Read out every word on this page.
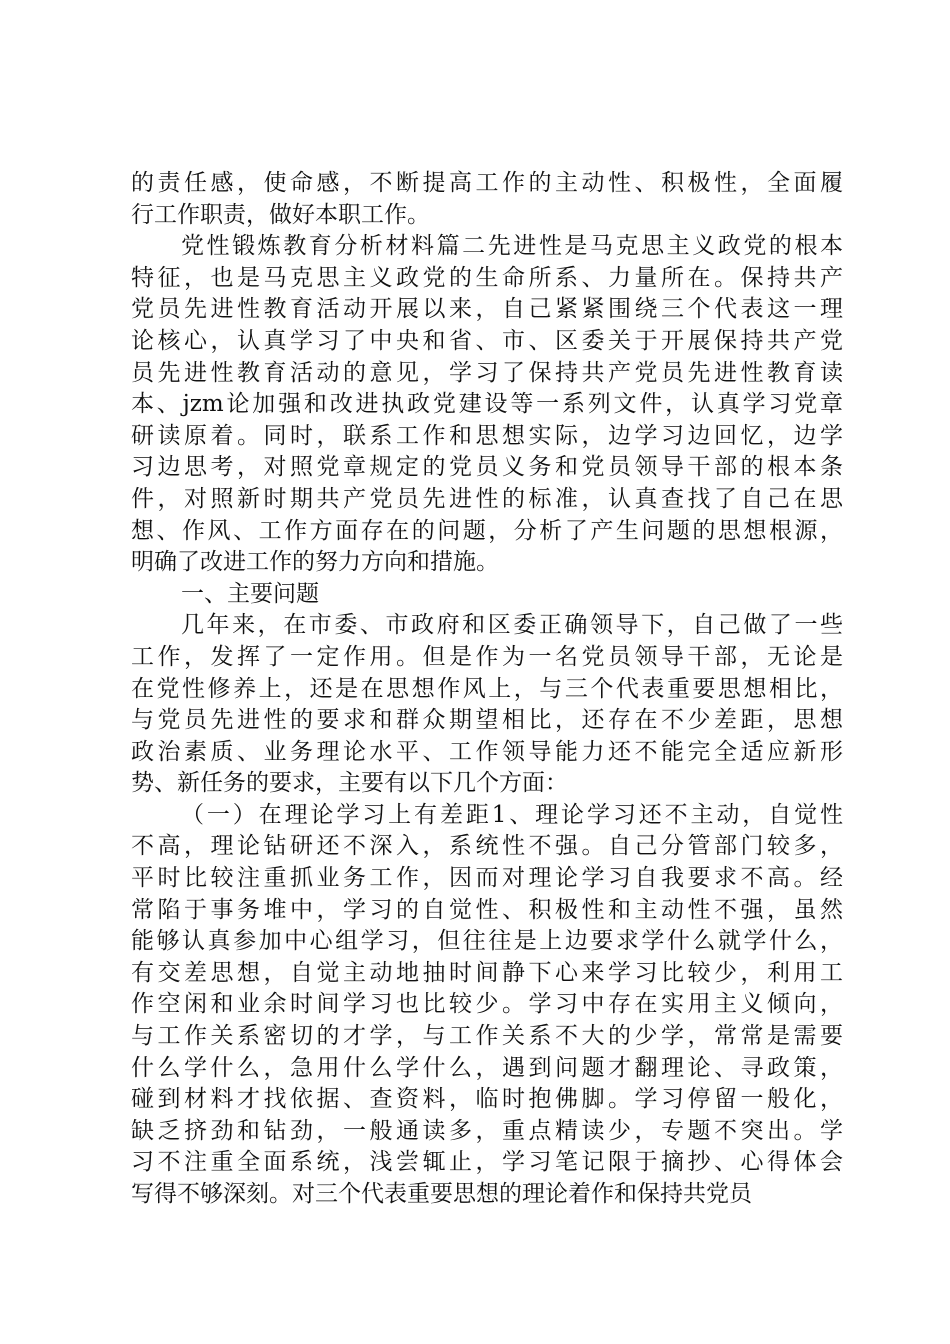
的责任感，使命感，不断提高工作的主动性、积极性，全面履
行工作职责，做好本职工作。
党性锻炼教育分析材料篇二先进性是马克思主义政党的根本
特征，也是马克思主义政党的生命所系、力量所在。保持共产
党员先进性教育活动开展以来，自己紧紧围绕三个代表这一理
论核心，认真学习了中央和省、市、区委关于开展保持共产党
员先进性教育活动的意见，学习了保持共产党员先进性教育读
本、jzm论加强和改进执政党建设等一系列文件，认真学习党章
研读原着。同时，联系工作和思想实际，边学习边回忆，边学
习边思考，对照党章规定的党员义务和党员领导干部的根本条
件，对照新时期共产党员先进性的标准，认真查找了自己在思
想、作风、工作方面存在的问题，分析了产生问题的思想根源，
明确了改进工作的努力方向和措施。
一、主要问题
几年来，在市委、市政府和区委正确领导下，自己做了一些
工作，发挥了一定作用。但是作为一名党员领导干部，无论是
在党性修养上，还是在思想作风上，与三个代表重要思想相比，
与党员先进性的要求和群众期望相比，还存在不少差距，思想
政治素质、业务理论水平、工作领导能力还不能完全适应新形
势、新任务的要求，主要有以下几个方面：
（一）在理论学习上有差距1、理论学习还不主动，自觉性
不高，理论钻研还不深入，系统性不强。自己分管部门较多，
平时比较注重抓业务工作，因而对理论学习自我要求不高。经
常陷于事务堆中，学习的自觉性、积极性和主动性不强，虽然
能够认真参加中心组学习，但往往是上边要求学什么就学什么，
有交差思想，自觉主动地抽时间静下心来学习比较少，利用工
作空闲和业余时间学习也比较少。学习中存在实用主义倾向，
与工作关系密切的才学，与工作关系不大的少学，常常是需要
什么学什么，急用什么学什么，遇到问题才翻理论、寻政策，
碰到材料才找依据、查资料，临时抱佛脚。学习停留一般化，
缺乏挤劲和钻劲，一般通读多，重点精读少，专题不突出。学
习不注重全面系统，浅尝辄止，学习笔记限于摘抄、心得体会
写得不够深刻。对三个代表重要思想的理论着作和保持共党员
